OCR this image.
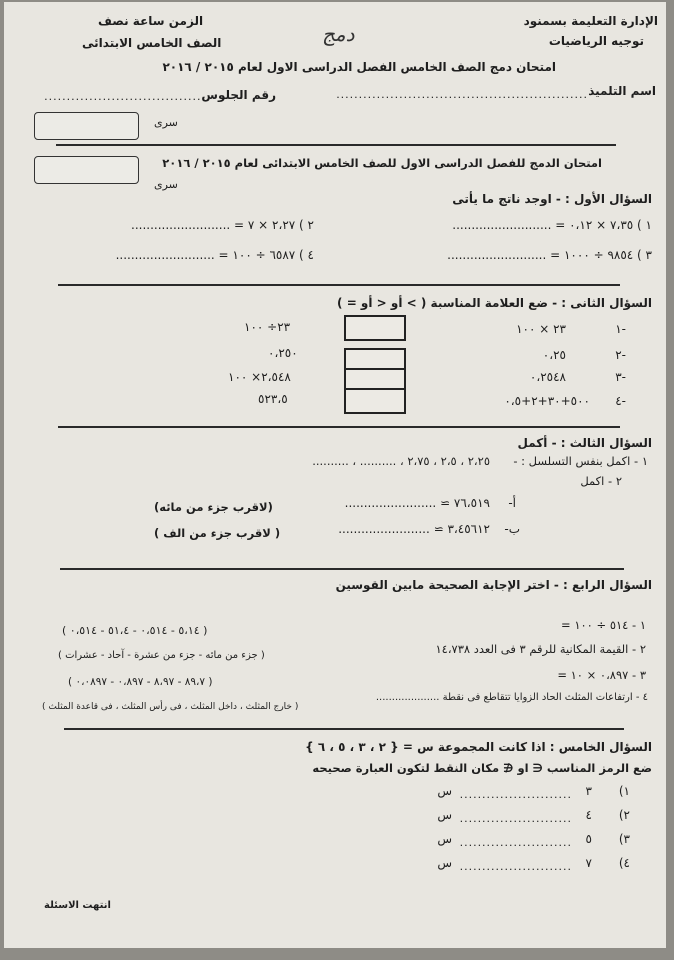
الإدارة التعليمة بسمنود
توجيه الرياضيات
الزمن ساعة نصف
الصف الخامس الابتدائى	دمج
امتحان دمج الصف الخامس الفصل الدراسى الاول لعام ٢٠١٥ / ٢٠١٦
اسم التلميذ
........................................................
رقم الجلوس
....................................
سرى
امتحان الدمج للفصل الدراسى الاول للصف الخامس الابتدائى لعام ٢٠١٥ / ٢٠١٦
سرى
السؤال الأول : - اوجد ناتج ما يأتى
١ ) ٧،٣٥ × ٠،١٢ = ..........................
٢ ) ٢،٢٧ × ٧ = ..........................
٣ ) ٩٨٥٤ ÷ ١٠٠٠ = ..........................
٤ ) ٦٥٨٧ ÷ ١٠٠ = ..........................
السؤال الثانى : - ضع العلامة المناسبة ( > أو < أو = )
-١
٢٣ × ١٠٠
٢٣÷ ١٠٠
-٢
٠،٢٥
٠،٢٥٠
-٣
٠،٢٥٤٨
٢،٥٤٨× ١٠٠
-٤
٥٠٠+٣٠+٢+٠،٥
٥٢٣،٥
السؤال الثالث : - أكمل
١ - اكمل بنفس التسلسل : -
٢،٢٥ ، ٢،٥ ، ٢،٧٥ ، .......... ، ..........
٢ - اكمل
أ-
٧٦،٥١٩ ≃ ........................
(لاقرب جزء من مائه)
ب-
٣،٤٥٦١٢ ≃ ........................
( لاقرب جزء من الف )
السؤال الرابع : - اختر الإجابة الصحيحة مابين القوسين
١ - ٥١٤ ÷ ١٠٠ =
( ٥،١٤ - ٠،٥١٤ - ٥١،٤ - ٠،٥١٤ )
٢ - القيمة المكانية للرقم ٣ فى العدد ١٤،٧٣٨
( جزء من مائه - جزء من عشرة - آحاد - عشرات )
٣ - ٠،٨٩٧ × ١٠ =
( ٨٩،٧ - ٨،٩٧ - ٠،٨٩٧ - ٠،٠٨٩٧ )
٤ - ارتفاعات المثلث الحاد الزوايا تتقاطع فى نقطة ....................
( خارج المثلث ، داخل المثلث ، فى رأس المثلث ، فى قاعدة المثلث )
السؤال الخامس : اذا كانت المجموعة س = { ٢ ، ٣ ، ٥ ، ٦ }
ضع الرمز المناسب ∈ او ∉ مكان النقط لتكون العبارة صحيحه
١)
٣
.........................
س
٢)
٤
.........................
س
٣)
٥
.........................
س
٤)
٧
.........................
س
انتهت الاسئلة
